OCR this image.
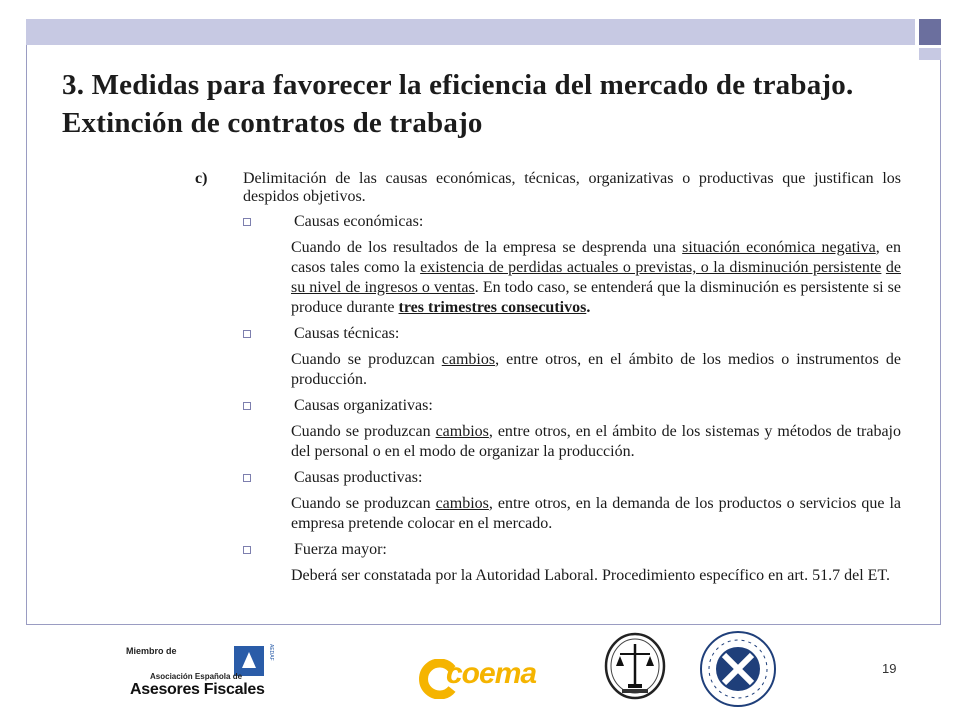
3. Medidas para favorecer la eficiencia del mercado de trabajo. Extinción de contratos de trabajo
c)	Delimitación de las causas económicas, técnicas, organizativas o productivas que justifican los despidos objetivos.
Causas económicas:
Cuando de los resultados de la empresa se desprenda una situación económica negativa, en casos tales como la existencia de perdidas actuales o previstas, o la disminución persistente de su nivel de ingresos o ventas. En todo caso, se entenderá que la disminución es persistente si se produce durante tres trimestres consecutivos.
Causas técnicas:
Cuando se produzcan cambios, entre otros, en el ámbito de los medios o instrumentos de producción.
Causas organizativas:
Cuando se produzcan cambios, entre otros, en el ámbito de los sistemas y métodos de trabajo del personal o en el modo de organizar la producción.
Causas productivas:
Cuando se produzcan cambios, entre otros, en la demanda de los productos o servicios que la empresa pretende colocar en el mercado.
Fuerza mayor:
Deberá ser constatada por la Autoridad Laboral. Procedimiento específico en art. 51.7 del ET.
19
Miembro de	AEDAF
Asociación Española de
Asesores Fiscales	coema
